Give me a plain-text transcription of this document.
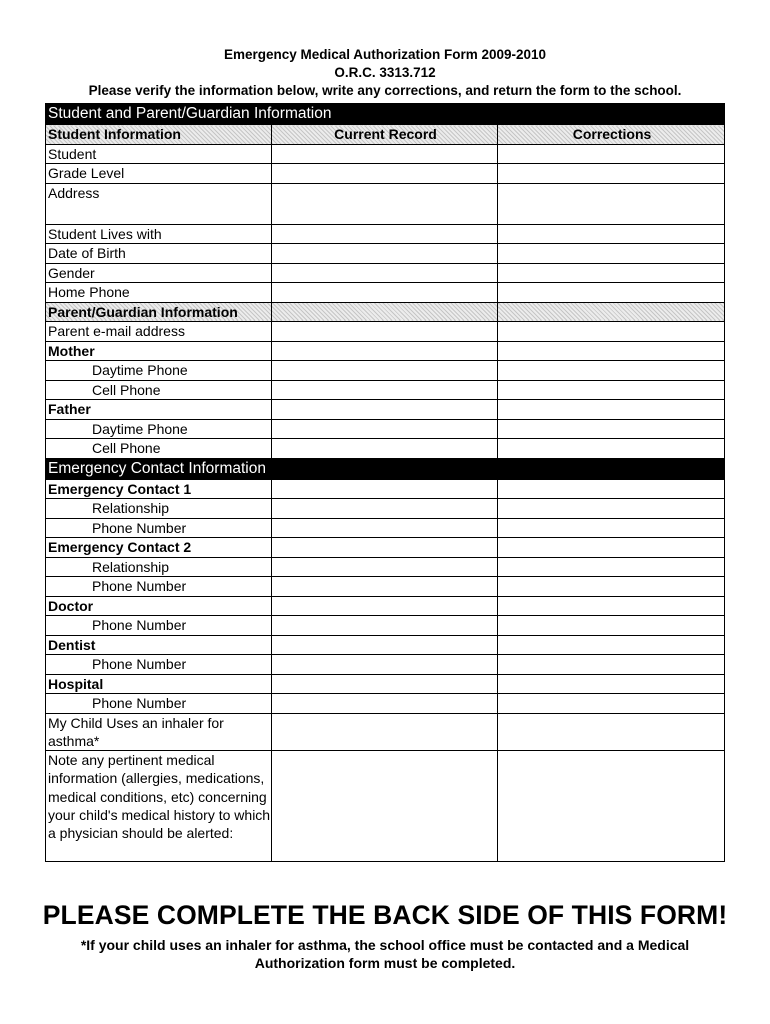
Emergency Medical Authorization Form 2009-2010
O.R.C. 3313.712
Please verify the information below, write any corrections, and return the form to the school.
Student and Parent/Guardian Information		
Student Information	Current Record	Corrections
Student		
Grade Level		
Address		
Student Lives with		
Date of Birth		
Gender		
Home Phone		
Parent/Guardian Information		
Parent e-mail address		
Mother		
Daytime Phone		
Cell Phone		
Father		
Daytime Phone		
Cell Phone		
Emergency Contact Information		
Emergency Contact 1		
Relationship		
Phone Number		
Emergency Contact 2		
Relationship		
Phone Number		
Doctor		
Phone Number		
Dentist		
Phone Number		
Hospital		
Phone Number		
My Child Uses an inhaler for asthma*		
Note any pertinent medical information (allergies, medications, medical conditions, etc) concerning your child's medical history to which a physician should be alerted:		
PLEASE COMPLETE THE BACK SIDE OF THIS FORM!
*If your child uses an inhaler for asthma, the school office must be contacted and a Medical Authorization form must be completed.
